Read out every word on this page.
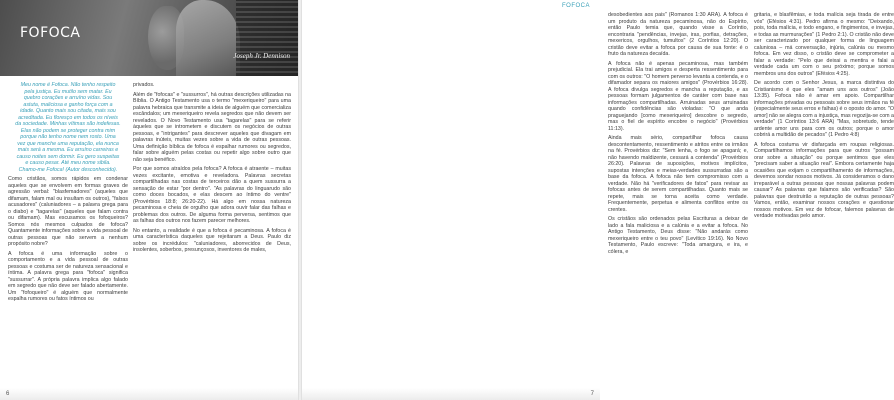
FOFOCA
Joseph Jr. Dennison
Meu nome é Fofoca. Não tenho respeito
pela justiça. Eu mutilo sem matar. Eu
quebro corações e arruíno vidas. Sou
astuta, maliciosa e ganho força com a
idade. Quanto mais sou citada, mais sou
acreditada. Eu floresço em todos os níveis
da sociedade. Minhas vítimas são indefesas.
Elas não podem se proteger contra mim
porque não tenho nome nem rosto. Uma
vez que manche uma reputação, ela nunca
mais será a mesma. Eu arruíno carreiras e
causo noites sem dormir. Eu gero suspeitas
e causo pesar. Até meu nome sibila.
Chamo-me Fofoca! (Autor desconhecido).

Como cristãos, somos rápidos em condenar aqueles que se envolvem em formas graves de agressão verbal: "blasfemadores" (aqueles que difamam, falam mal ou insultam os outros), "falsos acusadores" (caluniadores – a palavra grega para o diabo) e "tagarelas" (aqueles que falam contra ou difamam). Mas escusamos os fofoqueiros? Somos nós mesmos culpados de fofoca? Quantamente informações sobre a vida pessoal de outras pessoas que não servem a nenhum propósito nobre?

A fofoca é uma informação sobre o comportamento e a vida pessoal de outras pessoas e costuma ser de natureza sensacional e íntima. A palavra grega para "fofoca" significa "sussurrar". A própria palavra implica algo falado em segredo que não deve ser falado abertamente. Um "fofoqueiro" é alguém que normalmente espalha rumores ou fatos íntimos ou

privados.

Além de "fofocas" e "sussurros", há outras descrições utilizadas na Bíblia. O Antigo Testamento usa o termo "mexeriqueiro" para uma palavra hebraica que transmite a ideia de alguém que comercializa escândalos; um mexeriqueiro revela segredos que não devem ser revelados. O Novo Testamento usa "tagarelas" para se referir àqueles que se intrometem e discutem os negócios de outras pessoas, e "intrigantes" para descrever aqueles que divagam em palavras inúteis, muitas vezes sobre a vida de outras pessoas. Uma definição bíblica de fofoca é espalhar rumores ou segredos, falar sobre alguém pelas costas ou repetir algo sobre outro que não seja benéfico.

Por que somos atraídos pela fofoca? A fofoca é atraente – muitas vezes excitante, emotiva e reveladora. Palavras secretas compartilhadas nas costas de terceiros dão a quem sussurra a sensação de estar "por dentro". "As palavras do linguarudo são como doces bocados, e elas descem ao íntimo do ventre" (Provérbios 18:8; 26:20-22). Há algo em nossa natureza pecaminosa e cheia de orgulho que adora ouvir falar das falhas e problemas dos outros. De alguma forma perversa, sentimos que as falhas dos outros nos fazem parecer melhores.

No entanto, a realidade é que a fofoca é pecaminosa. A fofoca é uma característica daqueles que rejeitaram a Deus. Paulo diz sobre os incrédulos: "caluniadores, aborrecidos de Deus, insolentes, soberbos, presunçosos, inventores de males,

6
FOFOCA

desobedientes aos pais" (Romanos 1:30 ARA). A fofoca é um produto da natureza pecaminosa, não do Espírito, então Paulo temia que, quando visse a Coríntio, encontraria "pendências, invejas, iras, porfias, detrações, mexericos, orgulhos, tumultos" (2 Coríntios 12:20). O cristão deve evitar a fofoca por causa de sua fonte: é o fruto da natureza decaída.

A fofoca não é apenas pecaminosa, mas também prejudicial. Ela trai amigos e desperta ressentimento para com os outros: "O homem perverso levanta a contenda, e o difamador separa os maiores amigos" (Provérbios 16:28). A fofoca divulga segredos e mancha a reputação, e as pessoas formam julgamentos de caráter com base nas informações compartilhadas. Arruinadas seus arruinadas quando confidências são violadas: "O que anda praguejando [como mexeriqueiro] descobre o segredo, mas o fiel de espírito encobre o negócio" (Provérbios 11:13).

Ainda mais sério, compartilhar fofoca causa descontentamento, ressentimento e atritos entre os irmãos na fé. Provérbios diz: "Sem lenha, o fogo se apagará; e, não havendo maldizente, cessará a contenda" (Provérbios 26:20). Palavras de suposições, motivos implícitos, supostas intenções e meias-verdades sussurradas são a base da fofoca. A fofoca não tem compromisso com a verdade. Não há "verificadores de fatos" para revisar as fofocas antes de serem compartilhadas. Quanto mais se repete, mais se torna aceita como verdade. Frequentemente, perpetua e alimenta conflitos entre os crentes.

Os cristãos são ordenados pelas Escrituras a deixar de lado a fala maliciosa e a calúnia e a evitar a fofoca. No Antigo Testamento, Deus disse: "Não andarás como mexeriqueiro entre o teu povo" (Levítico 19:16). No Novo Testamento, Paulo escreve: "Toda amargura, e ira, e cólera, e

gritaria, e blasfêmias, e toda malícia seja tirada de entre vós" (Efésios 4:31). Pedro afirma o mesmo: "Deixando, pois, toda malícia, e todo engano, e fingimentos, e invejas, e todas as murmurações" (1 Pedro 2:1). O cristão não deve ser caracterizado por qualquer forma de linguagem caluniosa – má conversação, injúria, calúnia ou mesmo fofoca. Em vez disso, o cristão deve se comprometer a falar a verdade: "Pelo que deixai a mentira e falai a verdade cada um com o seu próximo; porque somos membros uns dos outros" (Efésios 4:25).

De acordo com o Senhor Jesus, a marca distintiva do Cristianismo é que eles "amam uns aos outros" (João 13:35). Fofoca não é amar em apoio. Compartilhar informações privadas ou pessoais sobre seus irmãos na fé (especialmente seus erros e falhas) é o oposto do amor. "O amor] não se alegra com a injustiça, mas regozija-se com a verdade" (1 Coríntios 13:6 ARA) "Mas, sobretudo, tende ardente amor uns para com os outros; porque o amor cobrirá a multidão de pecados" (1 Pedro 4:8)

A fofoca costuma vir disfarçada em roupas religiosas. Compartilhamos informações para que outros "possam orar sobre a situação" ou porque sentimos que eles "precisam saber a situação real". Embora certamente haja ocasiões que exijam o compartilhamento de informações, devemos sondar nossos motivos. Já consideramos o dano irreparável a outras pessoas que nossas palavras podem causar? As palavras que falamos são verificadas? São palavras que destruirão a reputação de outras pessoas? Vamos, então, examinar nossos corações e questionar nossos motivos. Em vez de fofocar, falemos palavras de verdade motivadas pelo amor.

7
